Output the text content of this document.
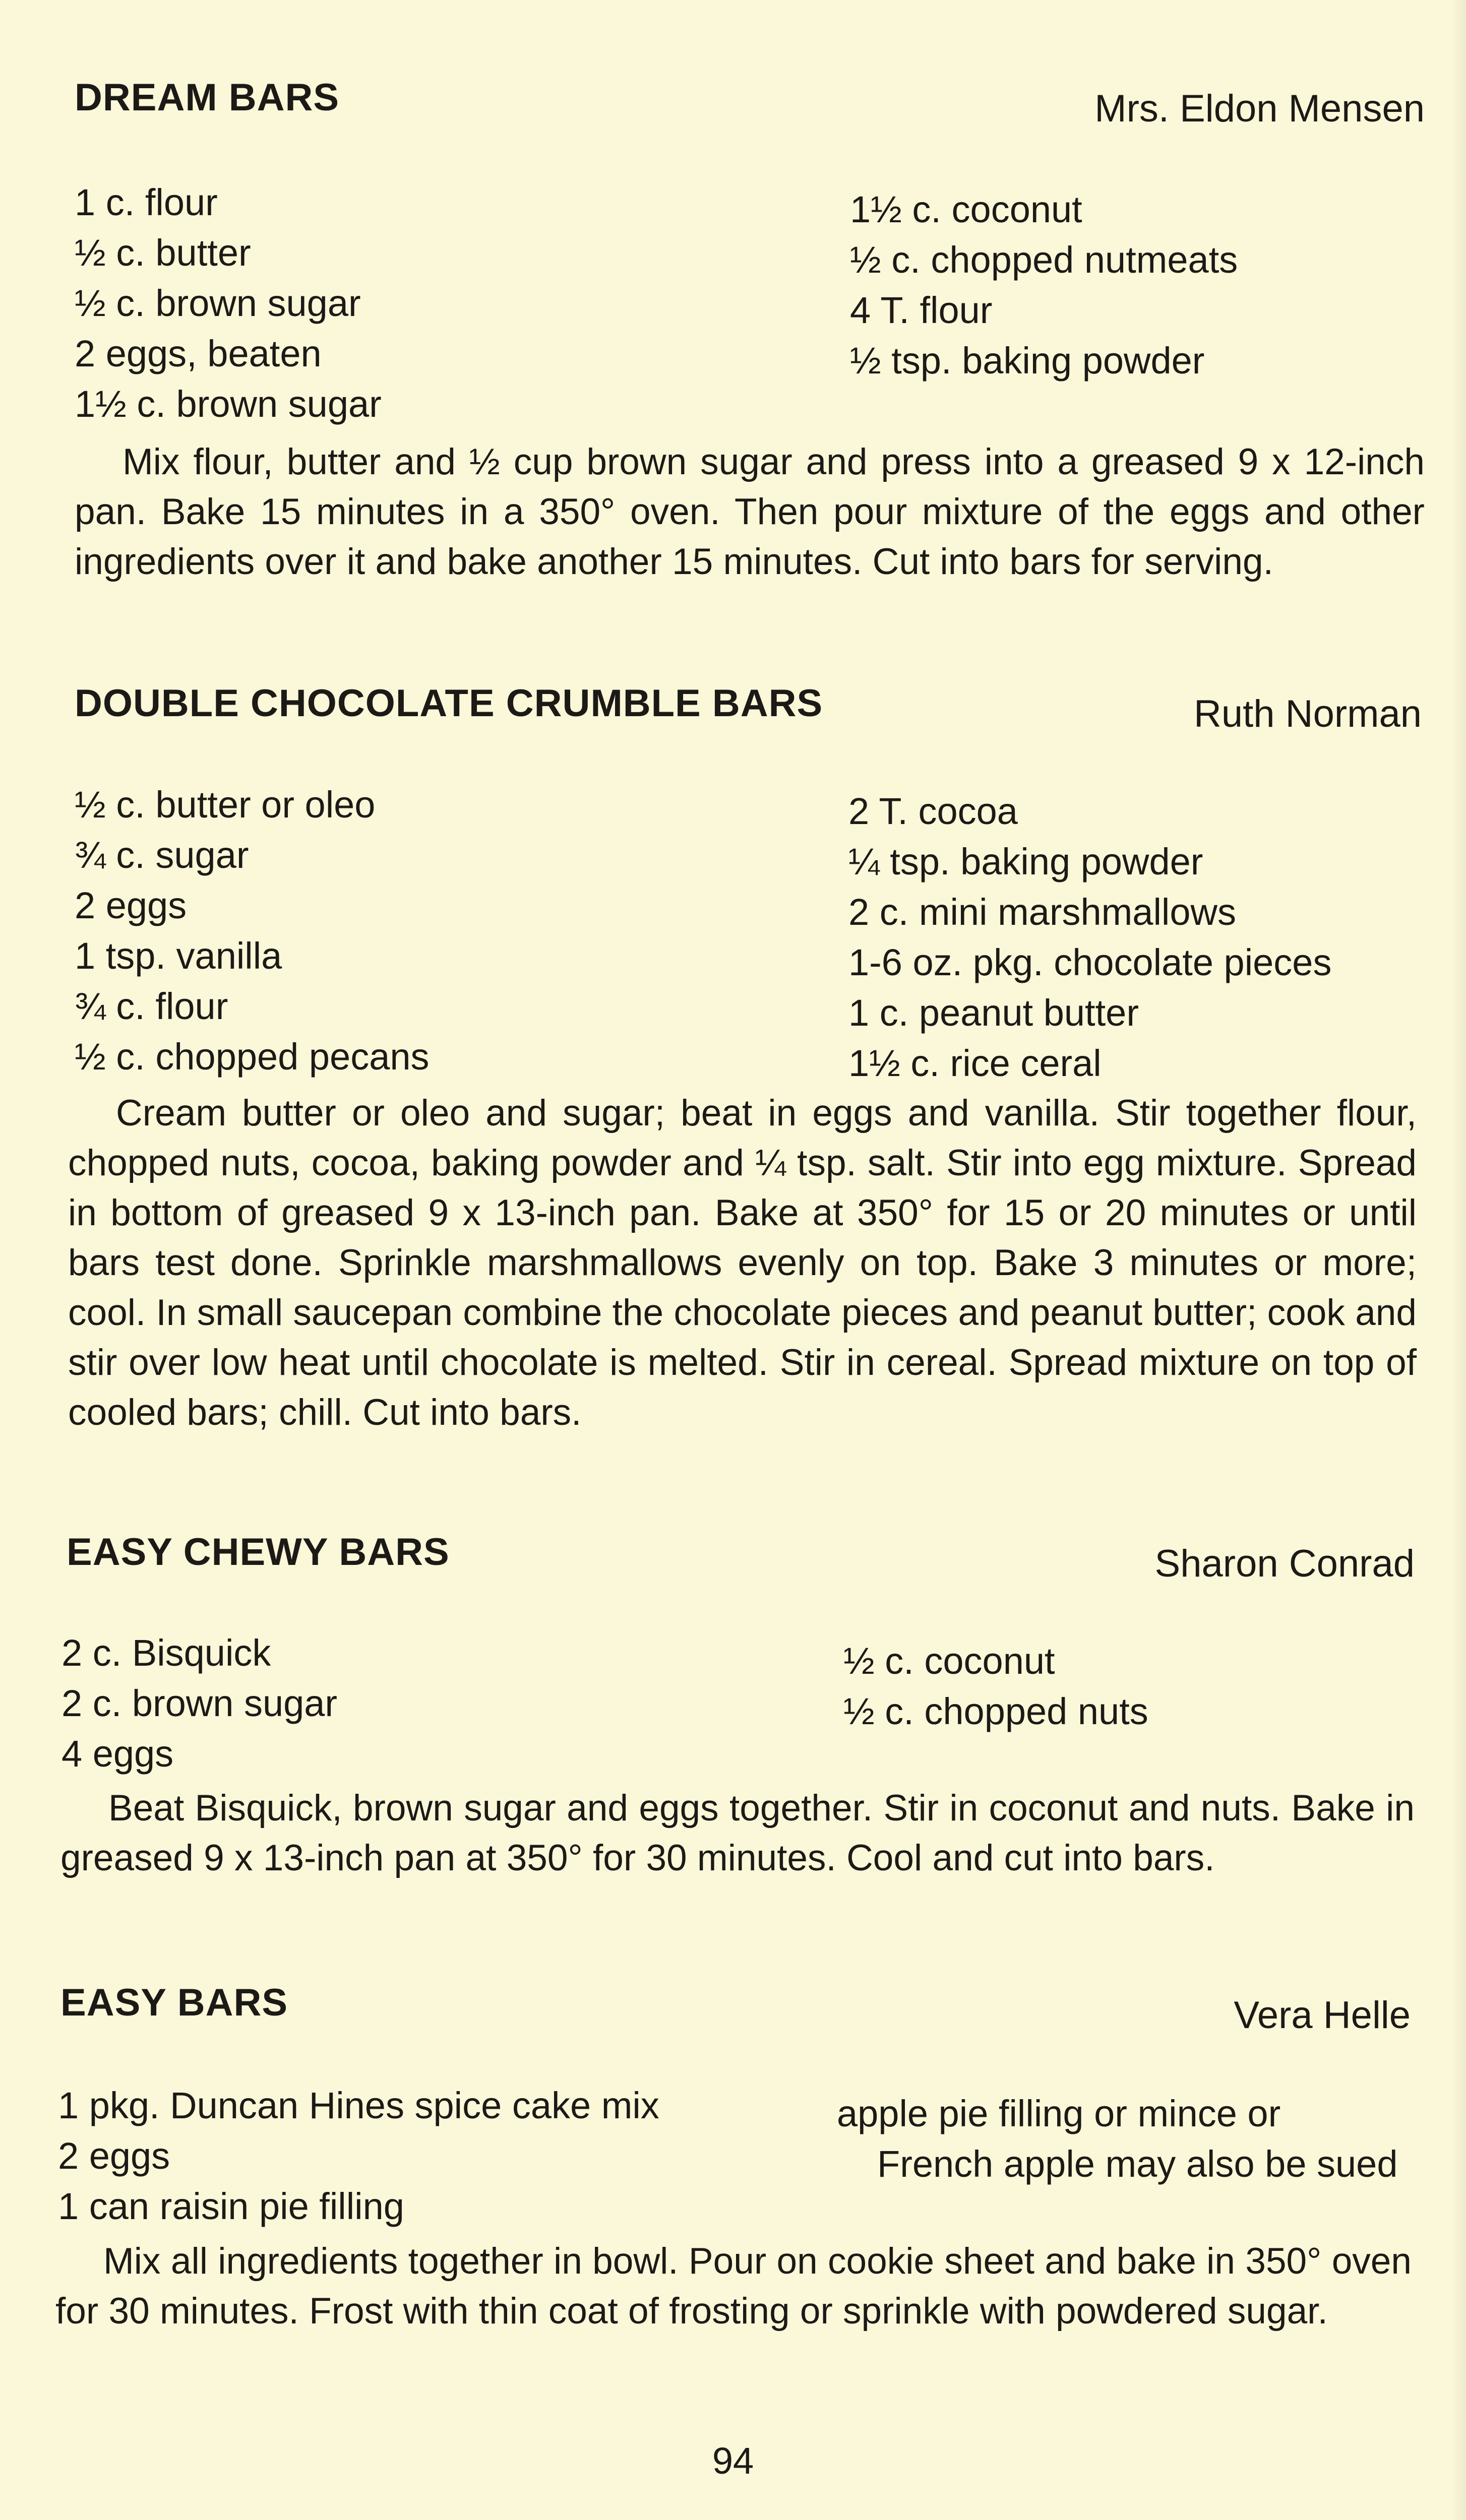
DREAM BARS	Mrs. Eldon Mensen
1 c. flour
½ c. butter
½ c. brown sugar
2 eggs, beaten
1½ c. brown sugar
1½ c. coconut
½ c. chopped nutmeats
4 T. flour
½ tsp. baking powder
Mix flour, butter and ½ cup brown sugar and press into a greased 9 x 12-inch pan. Bake 15 minutes in a 350° oven. Then pour mixture of the eggs and other ingredients over it and bake another 15 minutes. Cut into bars for serving.
DOUBLE CHOCOLATE CRUMBLE BARS	Ruth Norman
½ c. butter or oleo
¾ c. sugar
2 eggs
1 tsp. vanilla
¾ c. flour
½ c. chopped pecans
2 T. cocoa
¼ tsp. baking powder
2 c. mini marshmallows
1-6 oz. pkg. chocolate pieces
1 c. peanut butter
1½ c. rice ceral
Cream butter or oleo and sugar; beat in eggs and vanilla. Stir together flour, chopped nuts, cocoa, baking powder and ¼ tsp. salt. Stir into egg mixture. Spread in bottom of greased 9 x 13-inch pan. Bake at 350° for 15 or 20 minutes or until bars test done. Sprinkle marshmallows evenly on top. Bake 3 minutes or more; cool. In small saucepan combine the chocolate pieces and peanut butter; cook and stir over low heat until chocolate is melted. Stir in cereal. Spread mixture on top of cooled bars; chill. Cut into bars.
EASY CHEWY BARS	Sharon Conrad
2 c. Bisquick
2 c. brown sugar
4 eggs
½ c. coconut
½ c. chopped nuts
Beat Bisquick, brown sugar and eggs together. Stir in coconut and nuts. Bake in greased 9 x 13-inch pan at 350° for 30 minutes. Cool and cut into bars.
EASY BARS	Vera Helle
1 pkg. Duncan Hines spice cake mix
2 eggs
1 can raisin pie filling
apple pie filling or mince or
French apple may also be sued
Mix all ingredients together in bowl. Pour on cookie sheet and bake in 350° oven for 30 minutes. Frost with thin coat of frosting or sprinkle with powdered sugar.
94
